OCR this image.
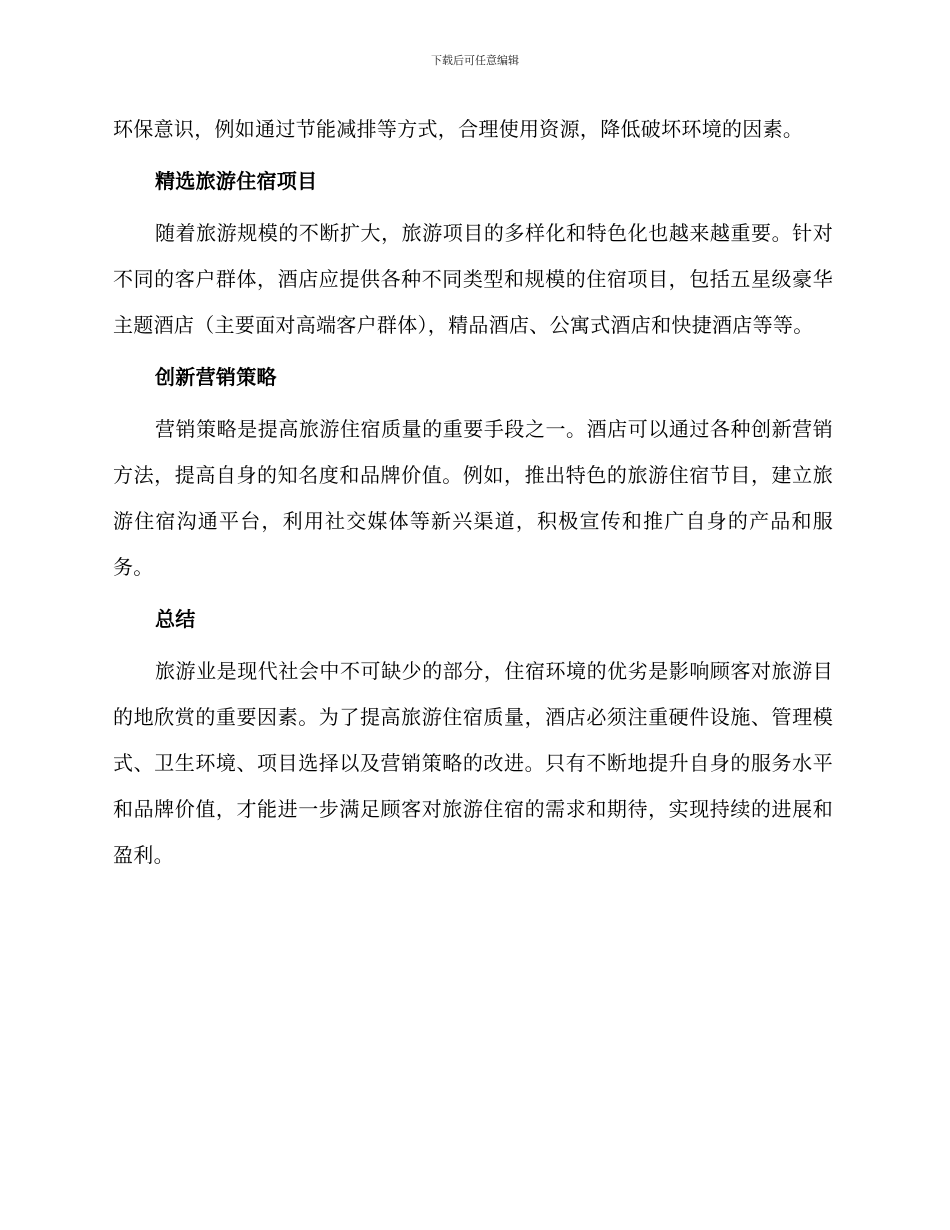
下载后可任意编辑

环保意识，例如通过节能减排等方式，合理使用资源，降低破坏环境的因素。

精选旅游住宿项目

随着旅游规模的不断扩大，旅游项目的多样化和特色化也越来越重要。针对不同的客户群体，酒店应提供各种不同类型和规模的住宿项目，包括五星级豪华主题酒店（主要面对高端客户群体），精品酒店、公寓式酒店和快捷酒店等等。

创新营销策略

营销策略是提高旅游住宿质量的重要手段之一。酒店可以通过各种创新营销方法，提高自身的知名度和品牌价值。例如，推出特色的旅游住宿节目，建立旅游住宿沟通平台，利用社交媒体等新兴渠道，积极宣传和推广自身的产品和服务。

总结

旅游业是现代社会中不可缺少的部分，住宿环境的优劣是影响顾客对旅游目的地欣赏的重要因素。为了提高旅游住宿质量，酒店必须注重硬件设施、管理模式、卫生环境、项目选择以及营销策略的改进。只有不断地提升自身的服务水平和品牌价值，才能进一步满足顾客对旅游住宿的需求和期待，实现持续的进展和盈利。
